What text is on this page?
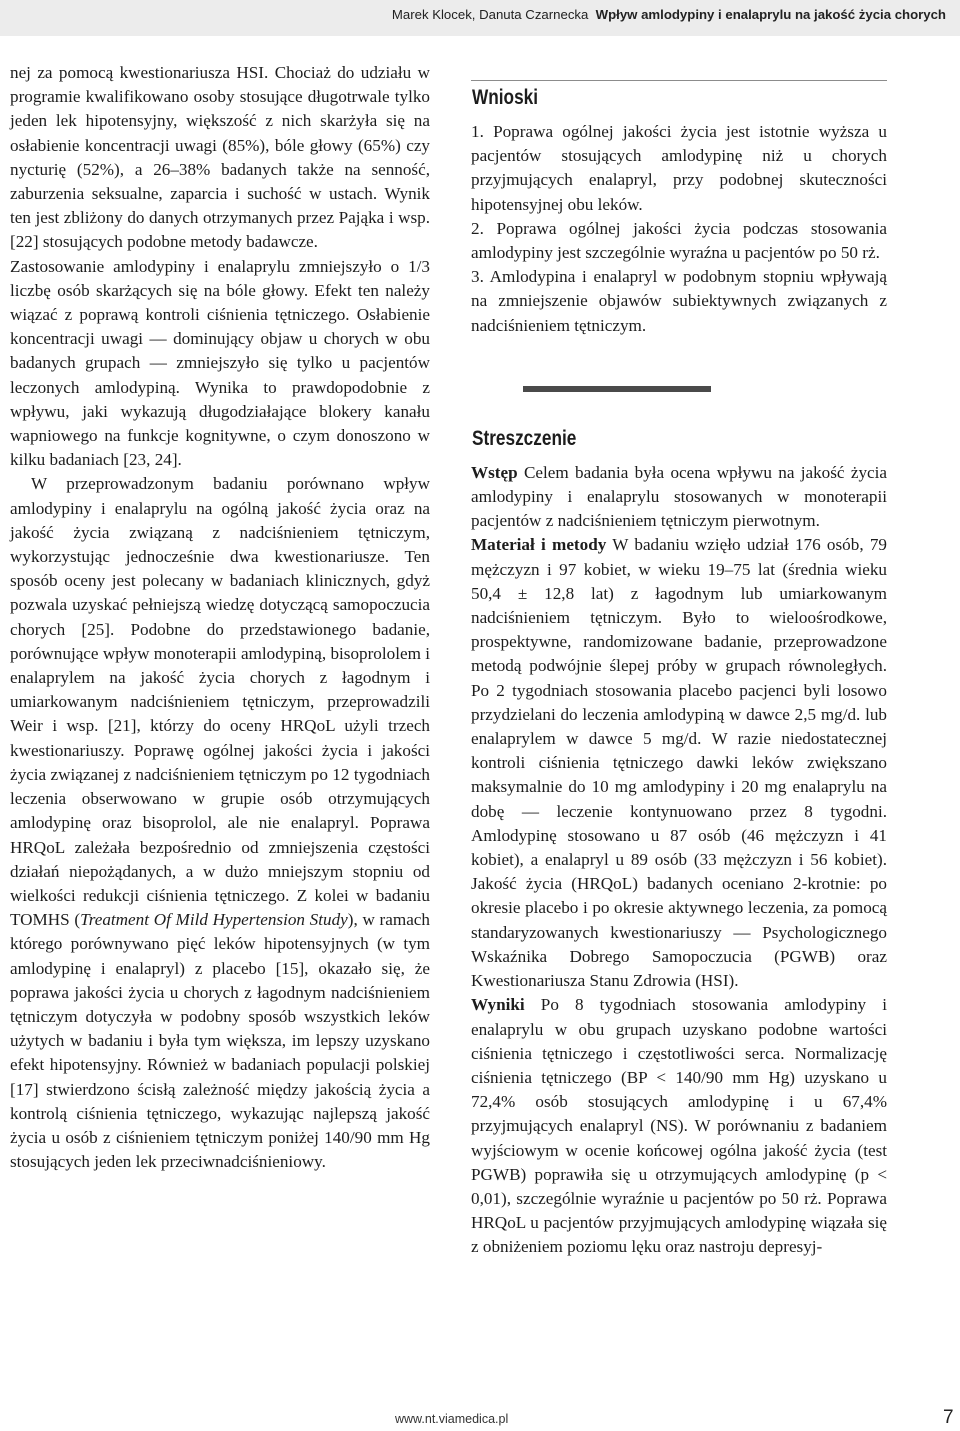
Marek Klocek, Danuta Czarnecka Wpływ amlodypiny i enalaprylu na jakość życia chorych

nej za pomocą kwestionariusza HSI. Chociaż do udziału w programie kwalifikowano osoby stosujące długotrwale tylko jeden lek hipotensyjny, większość z nich skarżyła się na osłabienie koncentracji uwagi (85%), bóle głowy (65%) czy nycturię (52%), a 26–38% badanych także na senność, zaburzenia seksualne, zaparcia i suchość w ustach. Wynik ten jest zbliżony do danych otrzymanych przez Pająka i wsp. [22] stosujących podobne metody badawcze.

Zastosowanie amlodypiny i enalaprylu zmniejszyło o 1/3 liczbę osób skarżących się na bóle głowy. Efekt ten należy wiązać z poprawą kontroli ciśnienia tętniczego. Osłabienie koncentracji uwagi — dominujący objaw u chorych w obu badanych grupach — zmniejszyło się tylko u pacjentów leczonych amlodypiną. Wynika to prawdopodobnie z wpływu, jaki wykazują długodziałające blokery kanału wapniowego na funkcje kognitywne, o czym donoszono w kilku badaniach [23, 24].

W przeprowadzonym badaniu porównano wpływ amlodypiny i enalaprylu na ogólną jakość życia oraz na jakość życia związaną z nadciśnieniem tętniczym, wykorzystując jednocześnie dwa kwestionariusze. Ten sposób oceny jest polecany w badaniach klinicznych, gdyż pozwala uzyskać pełniejszą wiedzę dotyczącą samopoczucia chorych [25]. Podobne do przedstawionego badanie, porównujące wpływ monoterapii amlodypiną, bisoprololem i enalaprylem na jakość życia chorych z łagodnym i umiarkowanym nadciśnieniem tętniczym, przeprowadzili Weir i wsp. [21], którzy do oceny HRQoL użyli trzech kwestionariuszy. Poprawę ogólnej jakości życia i jakości życia związanej z nadciśnieniem tętniczym po 12 tygodniach leczenia obserwowano w grupie osób otrzymujących amlodypinę oraz bisoprolol, ale nie enalapryl. Poprawa HRQoL zależała bezpośrednio od zmniejszenia częstości działań niepożądanych, a w dużo mniejszym stopniu od wielkości redukcji ciśnienia tętniczego. Z kolei w badaniu TOMHS (Treatment Of Mild Hypertension Study), w ramach którego porównywano pięć leków hipotensyjnych (w tym amlodypinę i enalapryl) z placebo [15], okazało się, że poprawa jakości życia u chorych z łagodnym nadciśnieniem tętniczym dotyczyła w podobny sposób wszystkich leków użytych w badaniu i była tym większa, im lepszy uzyskano efekt hipotensyjny. Również w badaniach populacji polskiej [17] stwierdzono ścisłą zależność między jakością życia a kontrolą ciśnienia tętniczego, wykazując najlepszą jakość życia u osób z ciśnieniem tętniczym poniżej 140/90 mm Hg stosujących jeden lek przeciwnadciśnieniowy.

Wnioski

1. Poprawa ogólnej jakości życia jest istotnie wyższa u pacjentów stosujących amlodypinę niż u chorych przyjmujących enalapryl, przy podobnej skuteczności hipotensyjnej obu leków.

2. Poprawa ogólnej jakości życia podczas stosowania amlodypiny jest szczególnie wyraźna u pacjentów po 50 rż.

3. Amlodypina i enalapryl w podobnym stopniu wpływają na zmniejszenie objawów subiektywnych związanych z nadciśnieniem tętniczym.

Streszczenie

Wstęp Celem badania była ocena wpływu na jakość życia amlodypiny i enalaprylu stosowanych w monoterapii pacjentów z nadciśnieniem tętniczym pierwotnym.

Materiał i metody W badaniu wzięło udział 176 osób, 79 mężczyzn i 97 kobiet, w wieku 19–75 lat (średnia wieku 50,4 ± 12,8 lat) z łagodnym lub umiarkowanym nadciśnieniem tętniczym. Było to wieloośrodkowe, prospektywne, randomizowane badanie, przeprowadzone metodą podwójnie ślepej próby w grupach równoległych. Po 2 tygodniach stosowania placebo pacjenci byli losowo przydzielani do leczenia amlodypiną w dawce 2,5 mg/d. lub enalaprylem w dawce 5 mg/d. W razie niedostatecznej kontroli ciśnienia tętniczego dawki leków zwiększano maksymalnie do 10 mg amlodypiny i 20 mg enalaprylu na dobę — leczenie kontynuowano przez 8 tygodni. Amlodypinę stosowano u 87 osób (46 mężczyzn i 41 kobiet), a enalapryl u 89 osób (33 mężczyzn i 56 kobiet). Jakość życia (HRQoL) badanych oceniano 2-krotnie: po okresie placebo i po okresie aktywnego leczenia, za pomocą standaryzowanych kwestionariuszy — Psychologicznego Wskaźnika Dobrego Samopoczucia (PGWB) oraz Kwestionariusza Stanu Zdrowia (HSI).

Wyniki Po 8 tygodniach stosowania amlodypiny i enalaprylu w obu grupach uzyskano podobne wartości ciśnienia tętniczego i częstotliwości serca. Normalizację ciśnienia tętniczego (BP < 140/90 mm Hg) uzyskano u 72,4% osób stosujących amlodypinę i u 67,4% przyjmujących enalapryl (NS). W porównaniu z badaniem wyjściowym w ocenie końcowej ogólna jakość życia (test PGWB) poprawiła się u otrzymujących amlodypinę (p < 0,01), szczególnie wyraźnie u pacjentów po 50 rż. Poprawa HRQoL u pacjentów przyjmujących amlodypinę wiązała się z obniżeniem poziomu lęku oraz nastroju depresyj-

www.nt.viamedica.pl	7
